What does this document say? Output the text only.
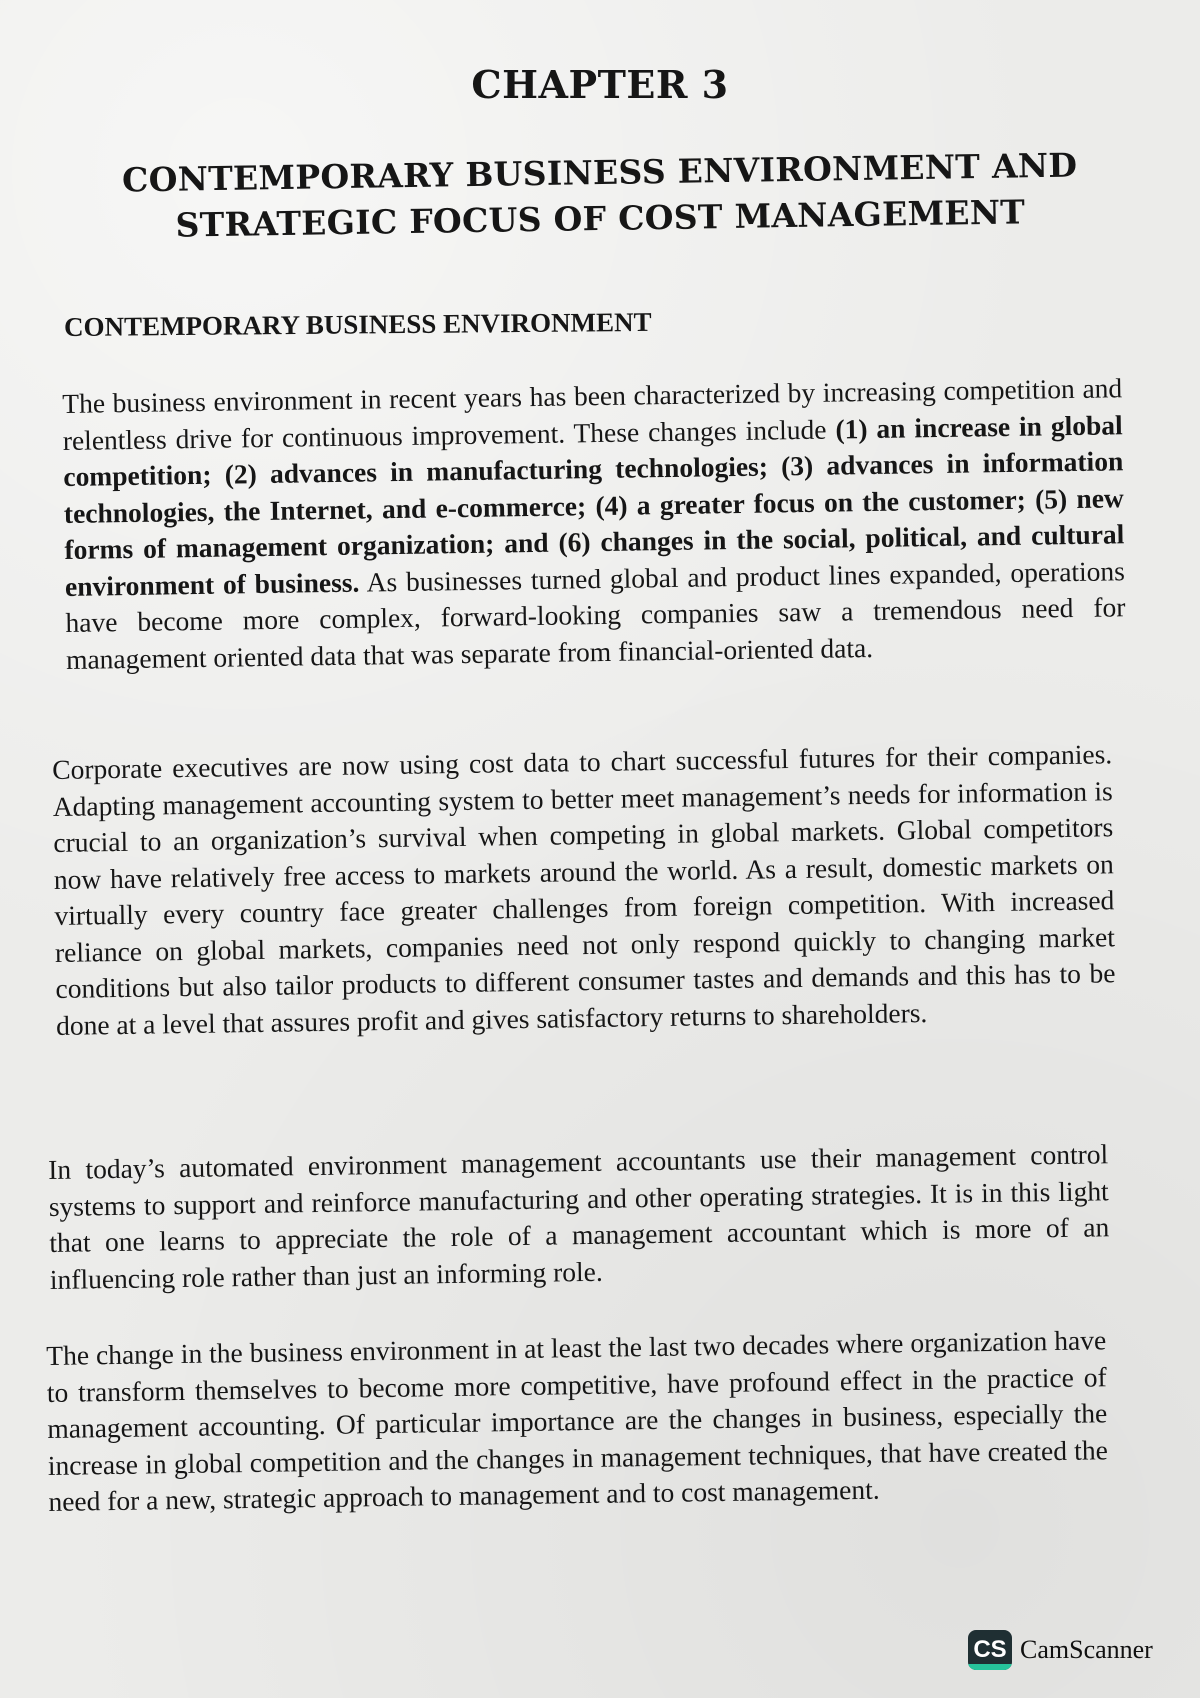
CHAPTER 3
CONTEMPORARY BUSINESS ENVIRONMENT AND
STRATEGIC FOCUS OF COST MANAGEMENT
CONTEMPORARY BUSINESS ENVIRONMENT

The business environment in recent years has been characterized by increasing competition and relentless drive for continuous improvement. These changes include (1) an increase in global competition; (2) advances in manufacturing technologies; (3) advances in information technologies, the Internet, and e-commerce; (4) a greater focus on the customer; (5) new forms of management organization; and (6) changes in the social, political, and cultural environment of business. As businesses turned global and product lines expanded, operations have become more complex, forward-looking companies saw a tremendous need for management oriented data that was separate from financial-oriented data.

Corporate executives are now using cost data to chart successful futures for their companies. Adapting management accounting system to better meet management’s needs for information is crucial to an organization’s survival when competing in global markets. Global competitors now have relatively free access to markets around the world. As a result, domestic markets on virtually every country face greater challenges from foreign competition. With increased reliance on global markets, companies need not only respond quickly to changing market conditions but also tailor products to different consumer tastes and demands and this has to be done at a level that assures profit and gives satisfactory returns to shareholders.

In today’s automated environment management accountants use their management control systems to support and reinforce manufacturing and other operating strategies. It is in this light that one learns to appreciate the role of a management accountant which is more of an influencing role rather than just an informing role.

The change in the business environment in at least the last two decades where organization have to transform themselves to become more competitive, have profound effect in the practice of management accounting. Of particular importance are the changes in business, especially the increase in global competition and the changes in management techniques, that have created the need for a new, strategic approach to management and to cost management.

CS CamScanner
